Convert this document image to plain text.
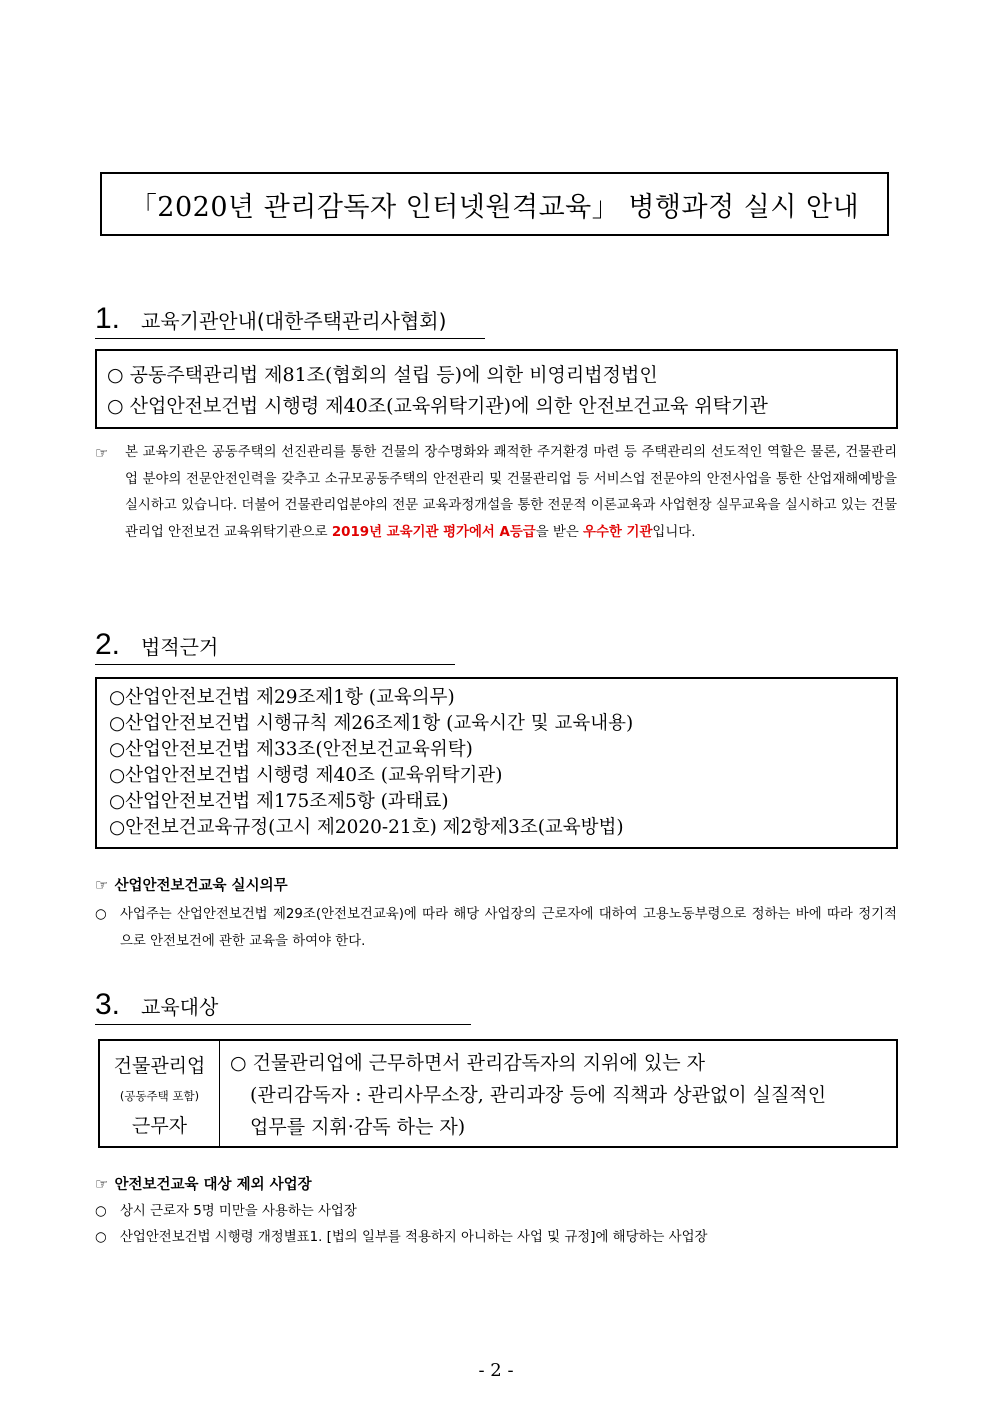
「2020년 관리감독자 인터넷원격교육」 병행과정 실시 안내
1. 교육기관안내(대한주택관리사협회)
○ 공동주택관리법 제81조(협회의 설립 등)에 의한 비영리법정법인
○ 산업안전보건법 시행령 제40조(교육위탁기관)에 의한 안전보건교육 위탁기관
☞ 본 교육기관은 공동주택의 선진관리를 통한 건물의 장수명화와 쾌적한 주거환경 마련 등 주택관리의 선도적인 역할은 물론, 건물관리업 분야의 전문안전인력을 갖추고 소규모공동주택의 안전관리 및 건물관리업 등 서비스업 전문야의 안전사업을 통한 산업재해예방을 실시하고 있습니다. 더불어 건물관리업분야의 전문 교육과정개설을 통한 전문적 이론교육과 사업현장 실무교육을 실시하고 있는 건물관리업 안전보건 교육위탁기관으로 2019년 교육기관 평가에서 A등급을 받은 우수한 기관입니다.
2. 법적근거
○산업안전보건법 제29조제1항 (교육의무)
○산업안전보건법 시행규칙 제26조제1항 (교육시간 및 교육내용)
○산업안전보건법 제33조(안전보건교육위탁)
○산업안전보건법 시행령 제40조 (교육위탁기관)
○산업안전보건법 제175조제5항 (과태료)
○안전보건교육규정(고시 제2020-21호) 제2항제3조(교육방법)
☞ 산업안전보건교육 실시의무
○ 사업주는 산업안전보건법 제29조(안전보건교육)에 따라 해당 사업장의 근로자에 대하여 고용노동부령으로 정하는 바에 따라 정기적으로 안전보건에 관한 교육을 하여야 한다.
3. 교육대상
건물관리업
(공동주택 포함)
근무자
○ 건물관리업에 근무하면서 관리감독자의 지위에 있는 자
(관리감독자 : 관리사무소장, 관리과장 등에 직책과 상관없이 실질적인
업무를 지휘·감독 하는 자)
☞ 안전보건교육 대상 제외 사업장
○ 상시 근로자 5명 미만을 사용하는 사업장
○ 산업안전보건법 시행령 개정별표1. [법의 일부를 적용하지 아니하는 사업 및 규정]에 해당하는 사업장
- 2 -
